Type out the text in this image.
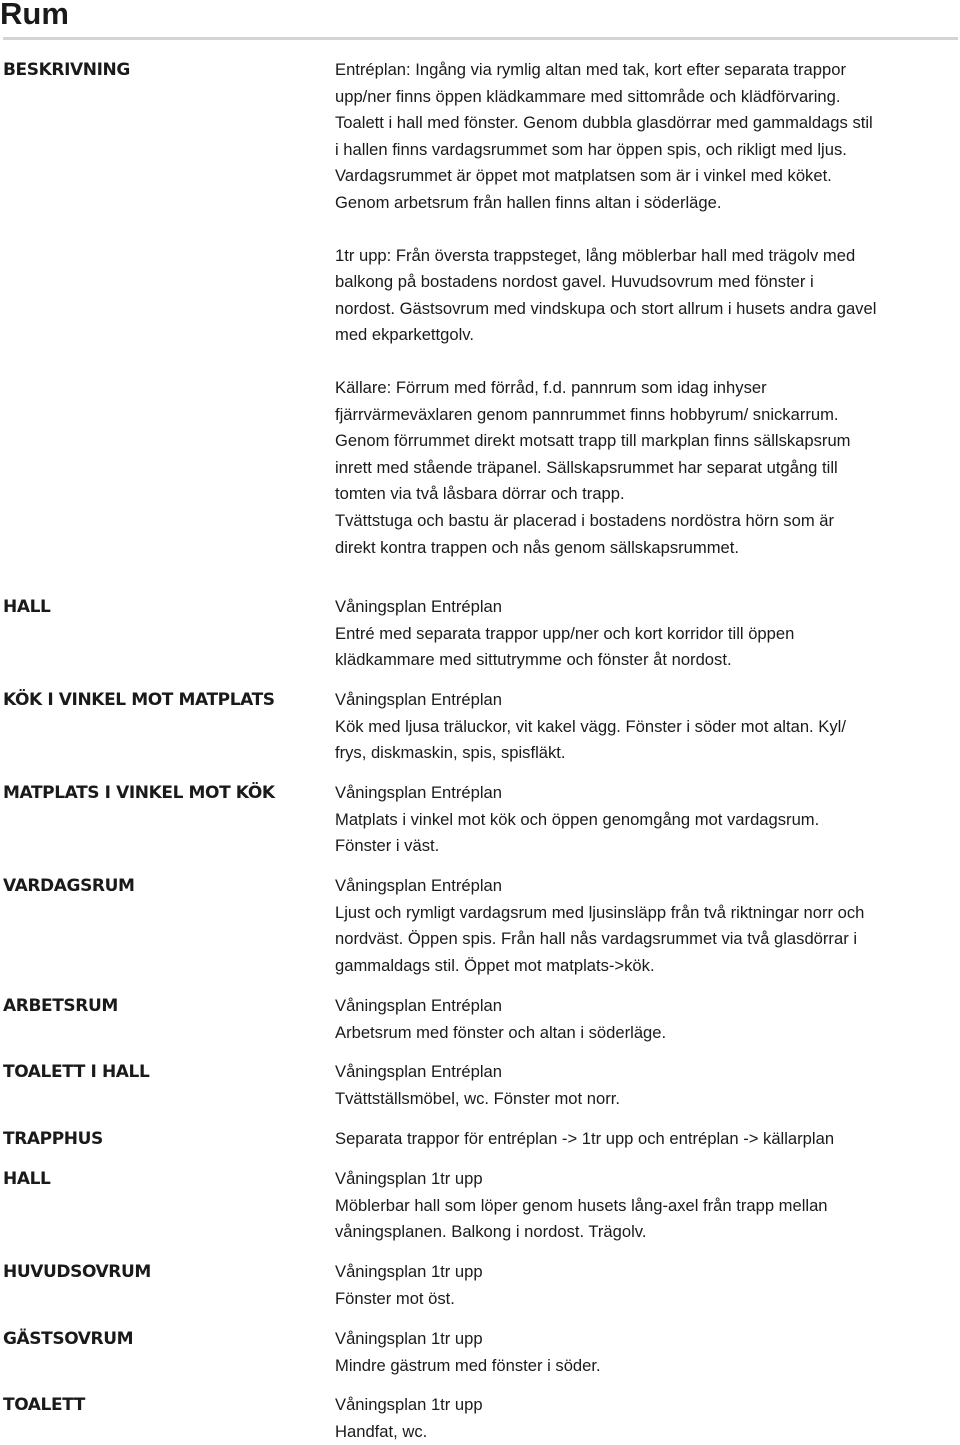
Rum
BESKRIVNING	Entréplan: Ingång via rymlig altan med tak, kort efter separata trappor
upp/ner finns öppen klädkammare med sittområde och klädförvaring.
Toalett i hall med fönster. Genom dubbla glasdörrar med gammaldags stil
i hallen finns vardagsrummet som har öppen spis, och rikligt med ljus.
Vardagsrummet är öppet mot matplatsen som är i vinkel med köket.
Genom arbetsrum från hallen finns altan i söderläge.

1tr upp: Från översta trappsteget, lång möblerbar hall med trägolv med
balkong på bostadens nordost gavel. Huvudsovrum med fönster i
nordost. Gästsovrum med vindskupa och stort allrum i husets andra gavel
med ekparkettgolv.

Källare: Förrum med förråd, f.d. pannrum som idag inhyser
fjärrvärmeväxlaren genom pannrummet finns hobbyrum/ snickarrum.
Genom förrummet direkt motsatt trapp till markplan finns sällskapsrum
inrett med stående träpanel. Sällskapsrummet har separat utgång till
tomten via två låsbara dörrar och trapp.
Tvättstuga och bastu är placerad i bostadens nordöstra hörn som är
direkt kontra trappen och nås genom sällskapsrummet.

HALL	Våningsplan Entréplan
Entré med separata trappor upp/ner och kort korridor till öppen
klädkammare med sittutrymme och fönster åt nordost.
KÖK I VINKEL MOT MATPLATS	Våningsplan Entréplan
Kök med ljusa träluckor, vit kakel vägg. Fönster i söder mot altan. Kyl/
frys, diskmaskin, spis, spisfläkt.
MATPLATS I VINKEL MOT KÖK	Våningsplan Entréplan
Matplats i vinkel mot kök och öppen genomgång mot vardagsrum.
Fönster i väst.
VARDAGSRUM	Våningsplan Entréplan
Ljust och rymligt vardagsrum med ljusinsläpp från två riktningar norr och
nordväst. Öppen spis. Från hall nås vardagsrummet via två glasdörrar i
gammaldags stil. Öppet mot matplats->kök.
ARBETSRUM	Våningsplan Entréplan
Arbetsrum med fönster och altan i söderläge.
TOALETT I HALL	Våningsplan Entréplan
Tvättställsmöbel, wc. Fönster mot norr.
TRAPPHUS	Separata trappor för entréplan -> 1tr upp och entréplan -> källarplan
HALL	Våningsplan 1tr upp
Möblerbar hall som löper genom husets lång-axel från trapp mellan
våningsplanen. Balkong i nordost. Trägolv.
HUVUDSOVRUM	Våningsplan 1tr upp
Fönster mot öst.
GÄSTSOVRUM	Våningsplan 1tr upp
Mindre gästrum med fönster i söder.
TOALETT	Våningsplan 1tr upp
Handfat, wc.
